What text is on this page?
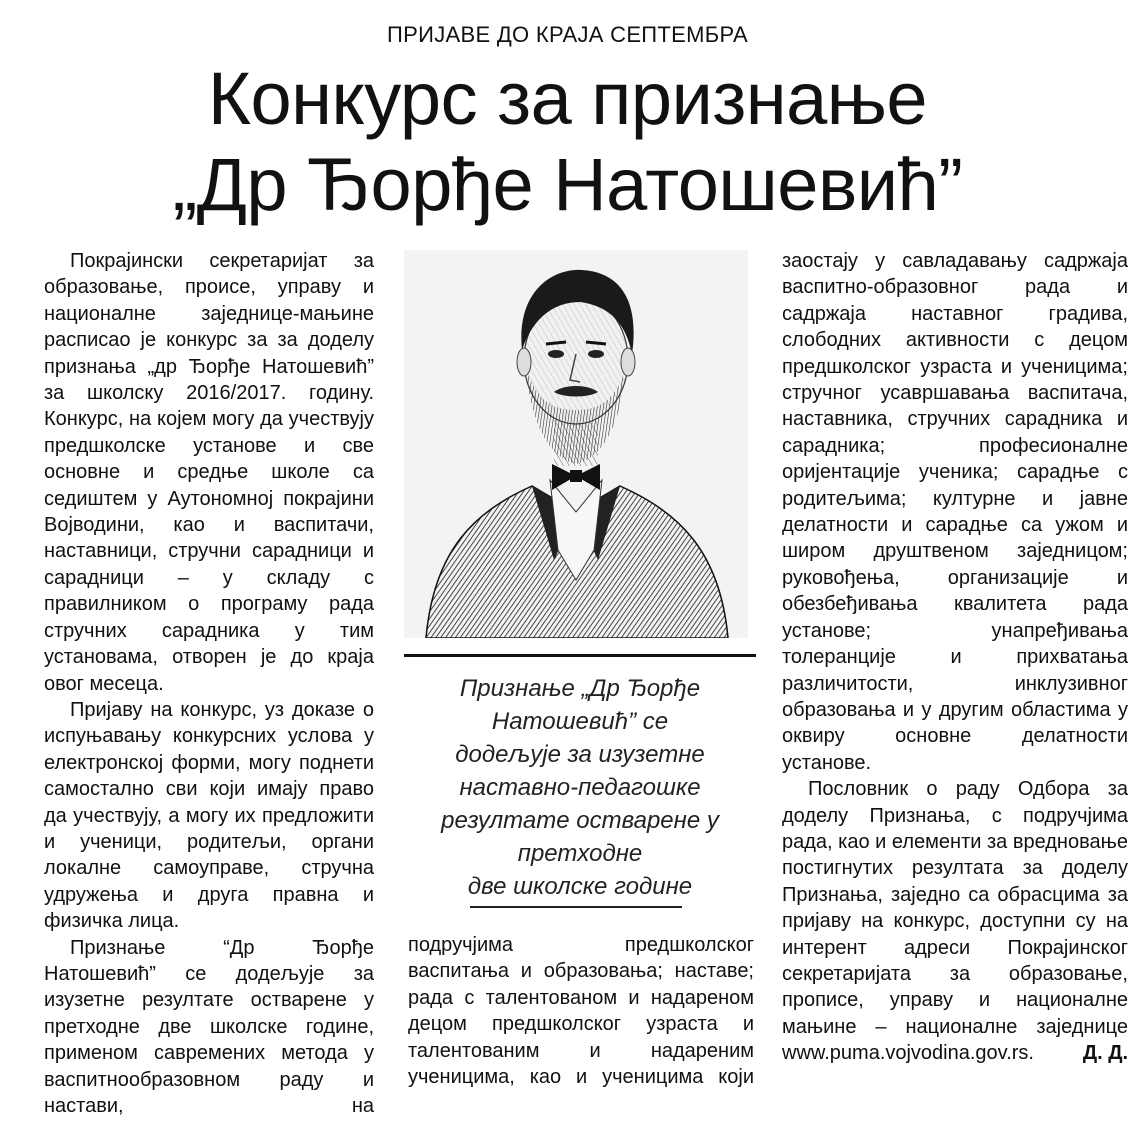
ПРИЈАВЕ ДО КРАЈА СЕПТЕМБРА
Конкурс за признање
„Др Ђорђе Натошевић”

Покрајински секретаријат за образовање, происе, управу и националне заједнице-мањине расписао је конкурс за за доделу признања „др Ђорђе Натошевић” за школску 2016/2017. годину. Конкурс, на којем могу да учествују предшколске установе и све основне и средње школе са седиштем у Аутономној покрајини Војводини, као и васпитачи, наставници, стручни сарадници и сарадници – у складу с правилником о програму рада стручних сарадника у тим установама, отворен је до краја овог месеца.

Пријаву на конкурс, уз доказе о испуњавању конкурсних услова у електронској форми, могу поднети самостално сви који имају право да учествују, а могу их предложити и ученици, родитељи, органи локалне самоуправе, стручна удружења и друга правна и физичка лица.

Признање “Др Ђорђе Натошевић” се додељује за изузетне резултате остварене у претходне две школске године, применом савремених метода у васпитнообразовном раду и настави, на

Признање „Др Ђорђе
Натошевић” се
додељује за изузетне
наставно-педагошке
резултате остварене у
претходне
две школске године

подручјима предшколског васпитања и образовања; наставе; рада с талентованом и надареном децом предшколског узраста и талентованим и надареним ученицима, као и ученицима који

заостају у савладавању садржаја васпитно-образовног рада и садржаја наставног градива, слободних активности с децом предшколског узраста и ученицима; стручног усавршавања васпитача, наставника, стручних сарадника и сарадника; професионалне оријентације ученика; сарадње с родитељима; културне и јавне делатности и сарадње са ужом и широм друштвеном заједницом; руковођења, организације и обезбеђивања квалитета рада установе; унапређивања толеранције и прихватања различитости, инклузивног образовања и у другим областима у оквиру основне делатности установе.

Пословник о раду Одбора за доделу Признања, с подручјима рада, као и елементи за вредновање постигнутих резултата за доделу Признања, заједно са обрасцима за пријаву на конкурс, доступни су на интерент адреси Покрајинског секретаријата за образовање, прописе, управу и националне мањине – националне заједнице www.puma.vojvodina.gov.rs.	Д. Д.
